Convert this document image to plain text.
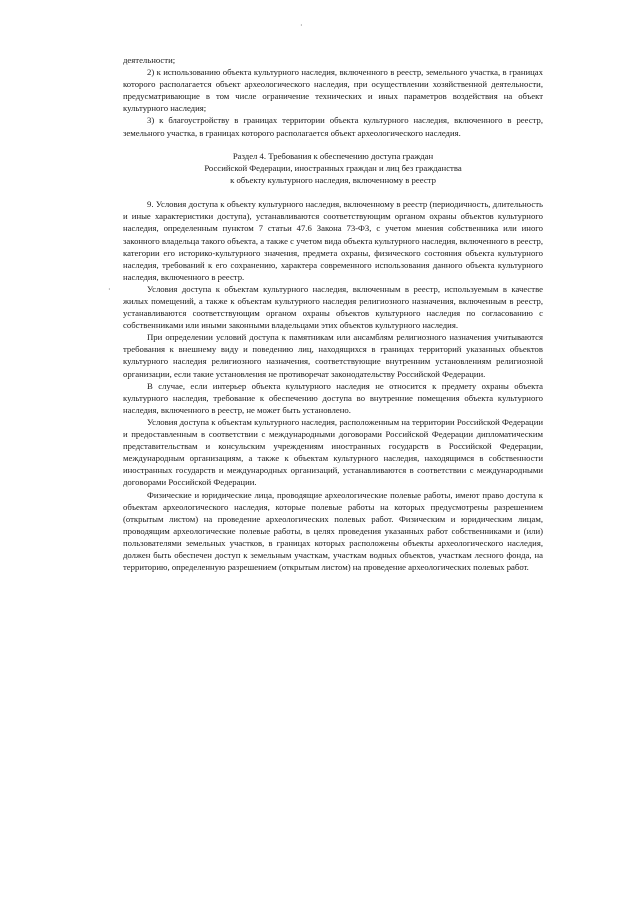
·
·

деятельности;

2) к использованию объекта культурного наследия, включенного в реестр, земельного участка, в границах которого располагается объект археологического наследия, при осуществлении хозяйственной деятельности, предусматривающие в том числе ограничение технических и иных параметров воздействия на объект культурного наследия;

3) к благоустройству в границах территории объекта культурного наследия, включенного в реестр, земельного участка, в границах которого располагается объект археологического наследия.

Раздел 4. Требования к обеспечению доступа граждан
Российской Федерации, иностранных граждан и лиц без гражданства
к объекту культурного наследия, включенному в реестр

9. Условия доступа к объекту культурного наследия, включенному в реестр (периодичность, длительность и иные характеристики доступа), устанавливаются соответствующим органом охраны объектов культурного наследия, определенным пунктом 7 статьи 47.6 Закона 73-ФЗ, с учетом мнения собственника или иного законного владельца такого объекта, а также с учетом вида объекта культурного наследия, включенного в реестр, категории его историко-культурного значения, предмета охраны, физического состояния объекта культурного наследия, требований к его сохранению, характера современного использования данного объекта культурного наследия, включенного в реестр.

Условия доступа к объектам культурного наследия, включенным в реестр, используемым в качестве жилых помещений, а также к объектам культурного наследия религиозного назначения, включенным в реестр, устанавливаются соответствующим органом охраны объектов культурного наследия по согласованию с собственниками или иными законными владельцами этих объектов культурного наследия.

При определении условий доступа к памятникам или ансамблям религиозного назначения учитываются требования к внешнему виду и поведению лиц, находящихся в границах территорий указанных объектов культурного наследия религиозного назначения, соответствующие внутренним установлениям религиозной организации, если такие установления не противоречат законодательству Российской Федерации.

В случае, если интерьер объекта культурного наследия не относится к предмету охраны объекта культурного наследия, требование к обеспечению доступа во внутренние помещения объекта культурного наследия, включенного в реестр, не может быть установлено.

Условия доступа к объектам культурного наследия, расположенным на территории Российской Федерации и предоставленным в соответствии с международными договорами Российской Федерации дипломатическим представительствам и консульским учреждениям иностранных государств в Российской Федерации, международным организациям, а также к объектам культурного наследия, находящимся в собственности иностранных государств и международных организаций, устанавливаются в соответствии с международными договорами Российской Федерации.

Физические и юридические лица, проводящие археологические полевые работы, имеют право доступа к объектам археологического наследия, которые полевые работы на которых предусмотрены разрешением (открытым листом) на проведение археологических полевых работ. Физическим и юридическим лицам, проводящим археологические полевые работы, в целях проведения указанных работ собственниками и (или) пользователями земельных участков, в границах которых расположены объекты археологического наследия, должен быть обеспечен доступ к земельным участкам, участкам водных объектов, участкам лесного фонда, на территорию, определенную разрешением (открытым листом) на проведение археологических полевых работ.
